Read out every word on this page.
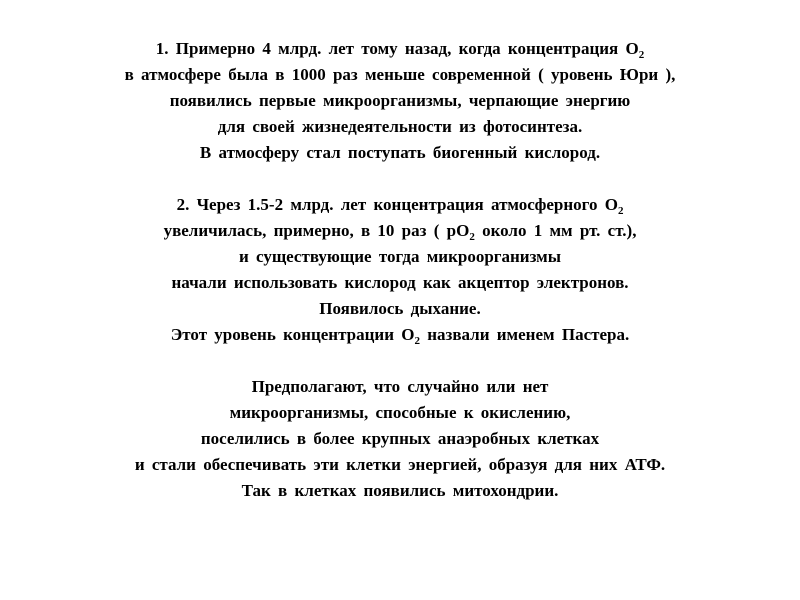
1. Примерно 4 млрд. лет тому назад, когда концентрация $О_2$
в атмосфере была в 1000 раз меньше современной ( уровень Юри ),
появились первые микроорганизмы, черпающие энергию
для своей жизнедеятельности из фотосинтеза.
В атмосферу стал поступать биогенный кислород.
2. Через 1.5-2 млрд. лет концентрация атмосферного $О_2$
увеличилась, примерно, в 10 раз ( $рО_2$ около 1 мм рт. ст.),
и существующие тогда микроорганизмы
начали использовать кислород как акцептор электронов.
Появилось дыхание.
Этот уровень концентрации $О_2$ назвали именем Пастера.
Предполагают, что случайно или нет
микроорганизмы, способные к окислению,
поселились в более крупных анаэробных клетках
и стали обеспечивать эти клетки энергией, образуя для них АТФ.
Так в клетках появились митохондрии.
